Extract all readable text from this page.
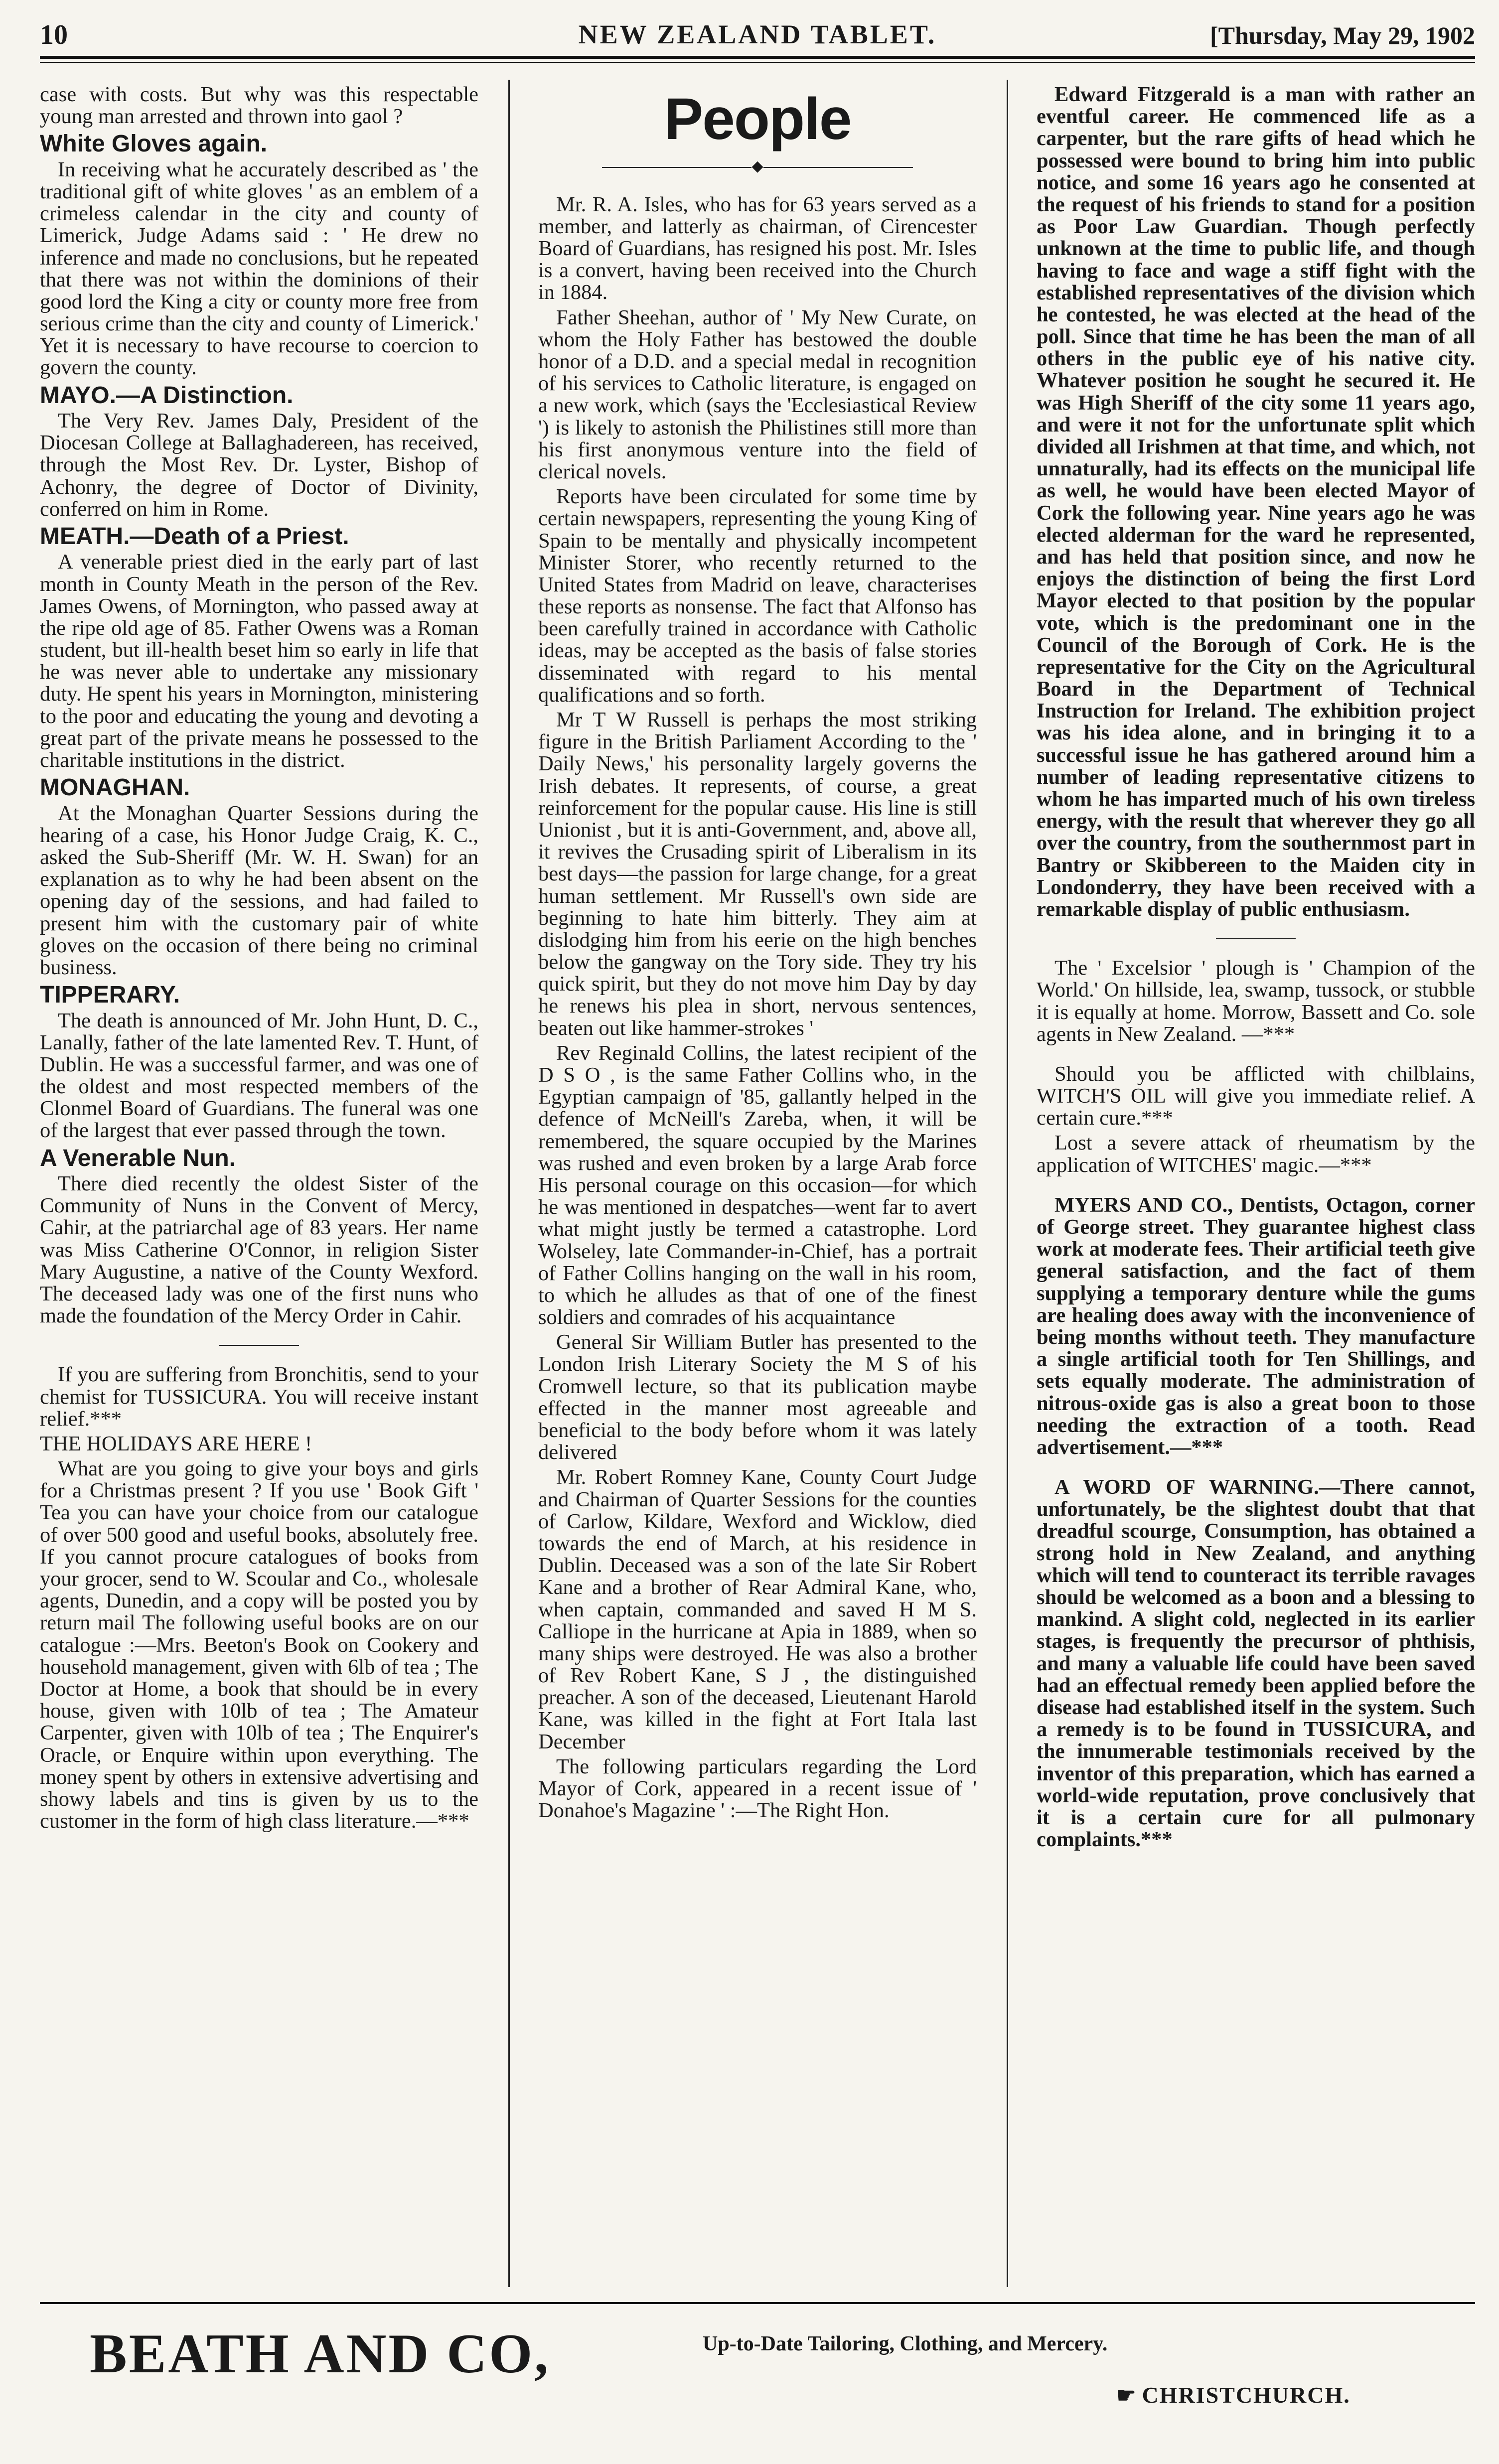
10	NEW ZEALAND TABLET.	[Thursday, May 29, 1902

case with costs. But why was this respectable young man arrested and thrown into gaol ?

White Gloves again.

In receiving what he accurately described as ' the traditional gift of white gloves ' as an emblem of a crimeless calendar in the city and county of Limerick, Judge Adams said : ' He drew no inference and made no conclusions, but he repeated that there was not within the dominions of their good lord the King a city or county more free from serious crime than the city and county of Limerick.' Yet it is necessary to have recourse to coercion to govern the county.

MAYO.—A Distinction.

The Very Rev. James Daly, President of the Diocesan College at Ballaghadereen, has received, through the Most Rev. Dr. Lyster, Bishop of Achonry, the degree of Doctor of Divinity, conferred on him in Rome.

MEATH.—Death of a Priest.

A venerable priest died in the early part of last month in County Meath in the person of the Rev. James Owens, of Mornington, who passed away at the ripe old age of 85. Father Owens was a Roman student, but ill-health beset him so early in life that he was never able to undertake any missionary duty. He spent his years in Mornington, ministering to the poor and educating the young and devoting a great part of the private means he possessed to the charitable institutions in the district.

MONAGHAN.

At the Monaghan Quarter Sessions during the hearing of a case, his Honor Judge Craig, K. C., asked the Sub-Sheriff (Mr. W. H. Swan) for an explanation as to why he had been absent on the opening day of the sessions, and had failed to present him with the customary pair of white gloves on the occasion of there being no criminal business.

TIPPERARY.

The death is announced of Mr. John Hunt, D. C., Lanally, father of the late lamented Rev. T. Hunt, of Dublin. He was a successful farmer, and was one of the oldest and most respected members of the Clonmel Board of Guardians. The funeral was one of the largest that ever passed through the town.

A Venerable Nun.

There died recently the oldest Sister of the Community of Nuns in the Convent of Mercy, Cahir, at the patriarchal age of 83 years. Her name was Miss Catherine O'Connor, in religion Sister Mary Augustine, a native of the County Wexford. The deceased lady was one of the first nuns who made the foundation of the Mercy Order in Cahir.

If you are suffering from Bronchitis, send to your chemist for TUSSICURA. You will receive instant relief.***

THE HOLIDAYS ARE HERE !

What are you going to give your boys and girls for a Christmas present ? If you use ' Book Gift ' Tea you can have your choice from our catalogue of over 500 good and useful books, absolutely free. If you cannot procure catalogues of books from your grocer, send to W. Scoular and Co., wholesale agents, Dunedin, and a copy will be posted you by return mail The following useful books are on our catalogue :—Mrs. Beeton's Book on Cookery and household management, given with 6lb of tea ; The Doctor at Home, a book that should be in every house, given with 10lb of tea ; The Amateur Carpenter, given with 10lb of tea ; The Enquirer's Oracle, or Enquire within upon everything. The money spent by others in extensive advertising and showy labels and tins is given by us to the customer in the form of high class literature.—***

People
◆

Mr. R. A. Isles, who has for 63 years served as a member, and latterly as chairman, of Cirencester Board of Guardians, has resigned his post. Mr. Isles is a convert, having been received into the Church in 1884.

Father Sheehan, author of ' My New Curate, on whom the Holy Father has bestowed the double honor of a D.D. and a special medal in recognition of his services to Catholic literature, is engaged on a new work, which (says the 'Ecclesiastical Review ') is likely to astonish the Philistines still more than his first anonymous venture into the field of clerical novels.

Reports have been circulated for some time by certain newspapers, representing the young King of Spain to be mentally and physically incompetent Minister Storer, who recently returned to the United States from Madrid on leave, characterises these reports as nonsense. The fact that Alfonso has been carefully trained in accordance with Catholic ideas, may be accepted as the basis of false stories disseminated with regard to his mental qualifications and so forth.

Mr T W Russell is perhaps the most striking figure in the British Parliament According to the ' Daily News,' his personality largely governs the Irish debates. It represents, of course, a great reinforcement for the popular cause. His line is still Unionist , but it is anti-Government, and, above all, it revives the Crusading spirit of Liberalism in its best days—the passion for large change, for a great human settlement. Mr Russell's own side are beginning to hate him bitterly. They aim at dislodging him from his eerie on the high benches below the gangway on the Tory side. They try his quick spirit, but they do not move him Day by day he renews his plea in short, nervous sentences, beaten out like hammer-strokes '

Rev Reginald Collins, the latest recipient of the D S O , is the same Father Collins who, in the Egyptian campaign of '85, gallantly helped in the defence of McNeill's Zareba, when, it will be remembered, the square occupied by the Marines was rushed and even broken by a large Arab force His personal courage on this occasion—for which he was mentioned in despatches—went far to avert what might justly be termed a catastrophe. Lord Wolseley, late Commander-in-Chief, has a portrait of Father Collins hanging on the wall in his room, to which he alludes as that of one of the finest soldiers and comrades of his acquaintance

General Sir William Butler has presented to the London Irish Literary Society the M S of his Cromwell lecture, so that its publication maybe effected in the manner most agreeable and beneficial to the body before whom it was lately delivered

Mr. Robert Romney Kane, County Court Judge and Chairman of Quarter Sessions for the counties of Carlow, Kildare, Wexford and Wicklow, died towards the end of March, at his residence in Dublin. Deceased was a son of the late Sir Robert Kane and a brother of Rear Admiral Kane, who, when captain, commanded and saved H M S. Calliope in the hurricane at Apia in 1889, when so many ships were destroyed. He was also a brother of Rev Robert Kane, S J , the distinguished preacher. A son of the deceased, Lieutenant Harold Kane, was killed in the fight at Fort Itala last December

The following particulars regarding the Lord Mayor of Cork, appeared in a recent issue of ' Donahoe's Magazine ' :—The Right Hon.

Edward Fitzgerald is a man with rather an eventful career. He commenced life as a carpenter, but the rare gifts of head which he possessed were bound to bring him into public notice, and some 16 years ago he consented at the request of his friends to stand for a position as Poor Law Guardian. Though perfectly unknown at the time to public life, and though having to face and wage a stiff fight with the established representatives of the division which he contested, he was elected at the head of the poll. Since that time he has been the man of all others in the public eye of his native city. Whatever position he sought he secured it. He was High Sheriff of the city some 11 years ago, and were it not for the unfortunate split which divided all Irishmen at that time, and which, not unnaturally, had its effects on the municipal life as well, he would have been elected Mayor of Cork the following year. Nine years ago he was elected alderman for the ward he represented, and has held that position since, and now he enjoys the distinction of being the first Lord Mayor elected to that position by the popular vote, which is the predominant one in the Council of the Borough of Cork. He is the representative for the City on the Agricultural Board in the Department of Technical Instruction for Ireland. The exhibition project was his idea alone, and in bringing it to a successful issue he has gathered around him a number of leading representative citizens to whom he has imparted much of his own tireless energy, with the result that wherever they go all over the country, from the southernmost part in Bantry or Skibbereen to the Maiden city in Londonderry, they have been received with a remarkable display of public enthusiasm.

The ' Excelsior ' plough is ' Champion of the World.' On hillside, lea, swamp, tussock, or stubble it is equally at home. Morrow, Bassett and Co. sole agents in New Zealand. —***

Should you be afflicted with chilblains, WITCH'S OIL will give you immediate relief. A certain cure.***

Lost a severe attack of rheumatism by the application of WITCHES' magic.—***

MYERS AND CO., Dentists, Octagon, corner of George street. They guarantee highest class work at moderate fees. Their artificial teeth give general satisfaction, and the fact of them supplying a temporary denture while the gums are healing does away with the inconvenience of being months without teeth. They manufacture a single artificial tooth for Ten Shillings, and sets equally moderate. The administration of nitrous-oxide gas is also a great boon to those needing the extraction of a tooth. Read advertisement.—***

A WORD OF WARNING.—There cannot, unfortunately, be the slightest doubt that that dreadful scourge, Consumption, has obtained a strong hold in New Zealand, and anything which will tend to counteract its terrible ravages should be welcomed as a boon and a blessing to mankind. A slight cold, neglected in its earlier stages, is frequently the precursor of phthisis, and many a valuable life could have been saved had an effectual remedy been applied before the disease had established itself in the system. Such a remedy is to be found in TUSSICURA, and the innumerable testimonials received by the inventor of this preparation, which has earned a world-wide reputation, prove conclusively that it is a certain cure for all pulmonary complaints.***

BEATH AND CO,	Up-to-Date Tailoring, Clothing, and Mercery.
☛ CHRISTCHURCH.
